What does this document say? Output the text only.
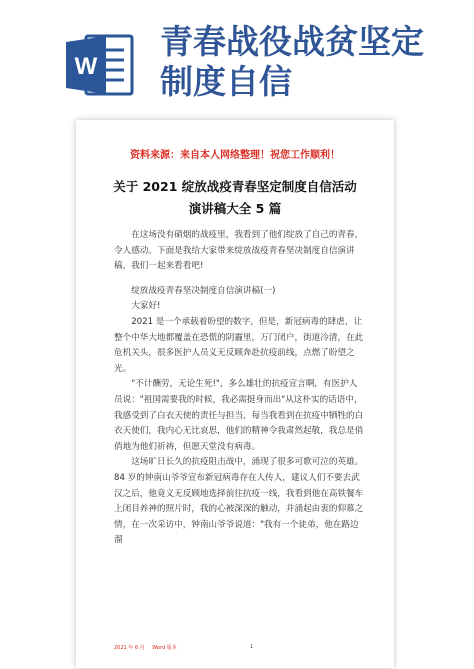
W
青春战役战贫坚定
制度自信
资料来源：来自本人网络整理！祝您工作顺利！
关于 2021 绽放战疫青春坚定制度自信活动
演讲稿大全 5 篇

在这场没有硝烟的战疫里，我看到了他们绽放了自己的青春，令人感动。下面是我给大家带来绽放战疫青春坚决制度自信演讲稿，我们一起来看看吧!

绽放战疫青春坚决制度自信演讲稿(一)

大家好!

2021 是一个承载着盼望的数字，但是，新冠病毒的肆虐，让整个中华大地都覆盖在恐慌的阴霾里，万门闭户，街道冷清，在此危机关头，很多医护人员义无反顾奔赴抗疫前线，点燃了盼望之光。

"不计酬劳，无论生死!"，多么雄壮的抗疫宣言啊，有医护人员说："祖国需要我的时候，我必需挺身而出"从这朴实的话语中，我感受到了白衣天使的责任与担当，每当我看到在抗疫中牺牲的白衣天使们，我内心无比哀思，他们的精神令我肃然起敬，我总是俏俏地为他们祈祷，但愿天堂没有病毒。

这场旷日长久的抗疫阻击战中，涌现了很多可歌可泣的英雄。84 岁的钟南山爷爷宣布新冠病毒存在人传人，建议人们不要去武汉之后，他竟义无反顾地选择前往抗疫一线，我看到他在高铁餐车上闭目养神的照片时，我的心被深深的触动，并涌起由衷的仰慕之情，在一次采访中，钟南山爷爷说道："我有一个徒弟，他在路边溜

2021 年 6 月 Word 版本	1
